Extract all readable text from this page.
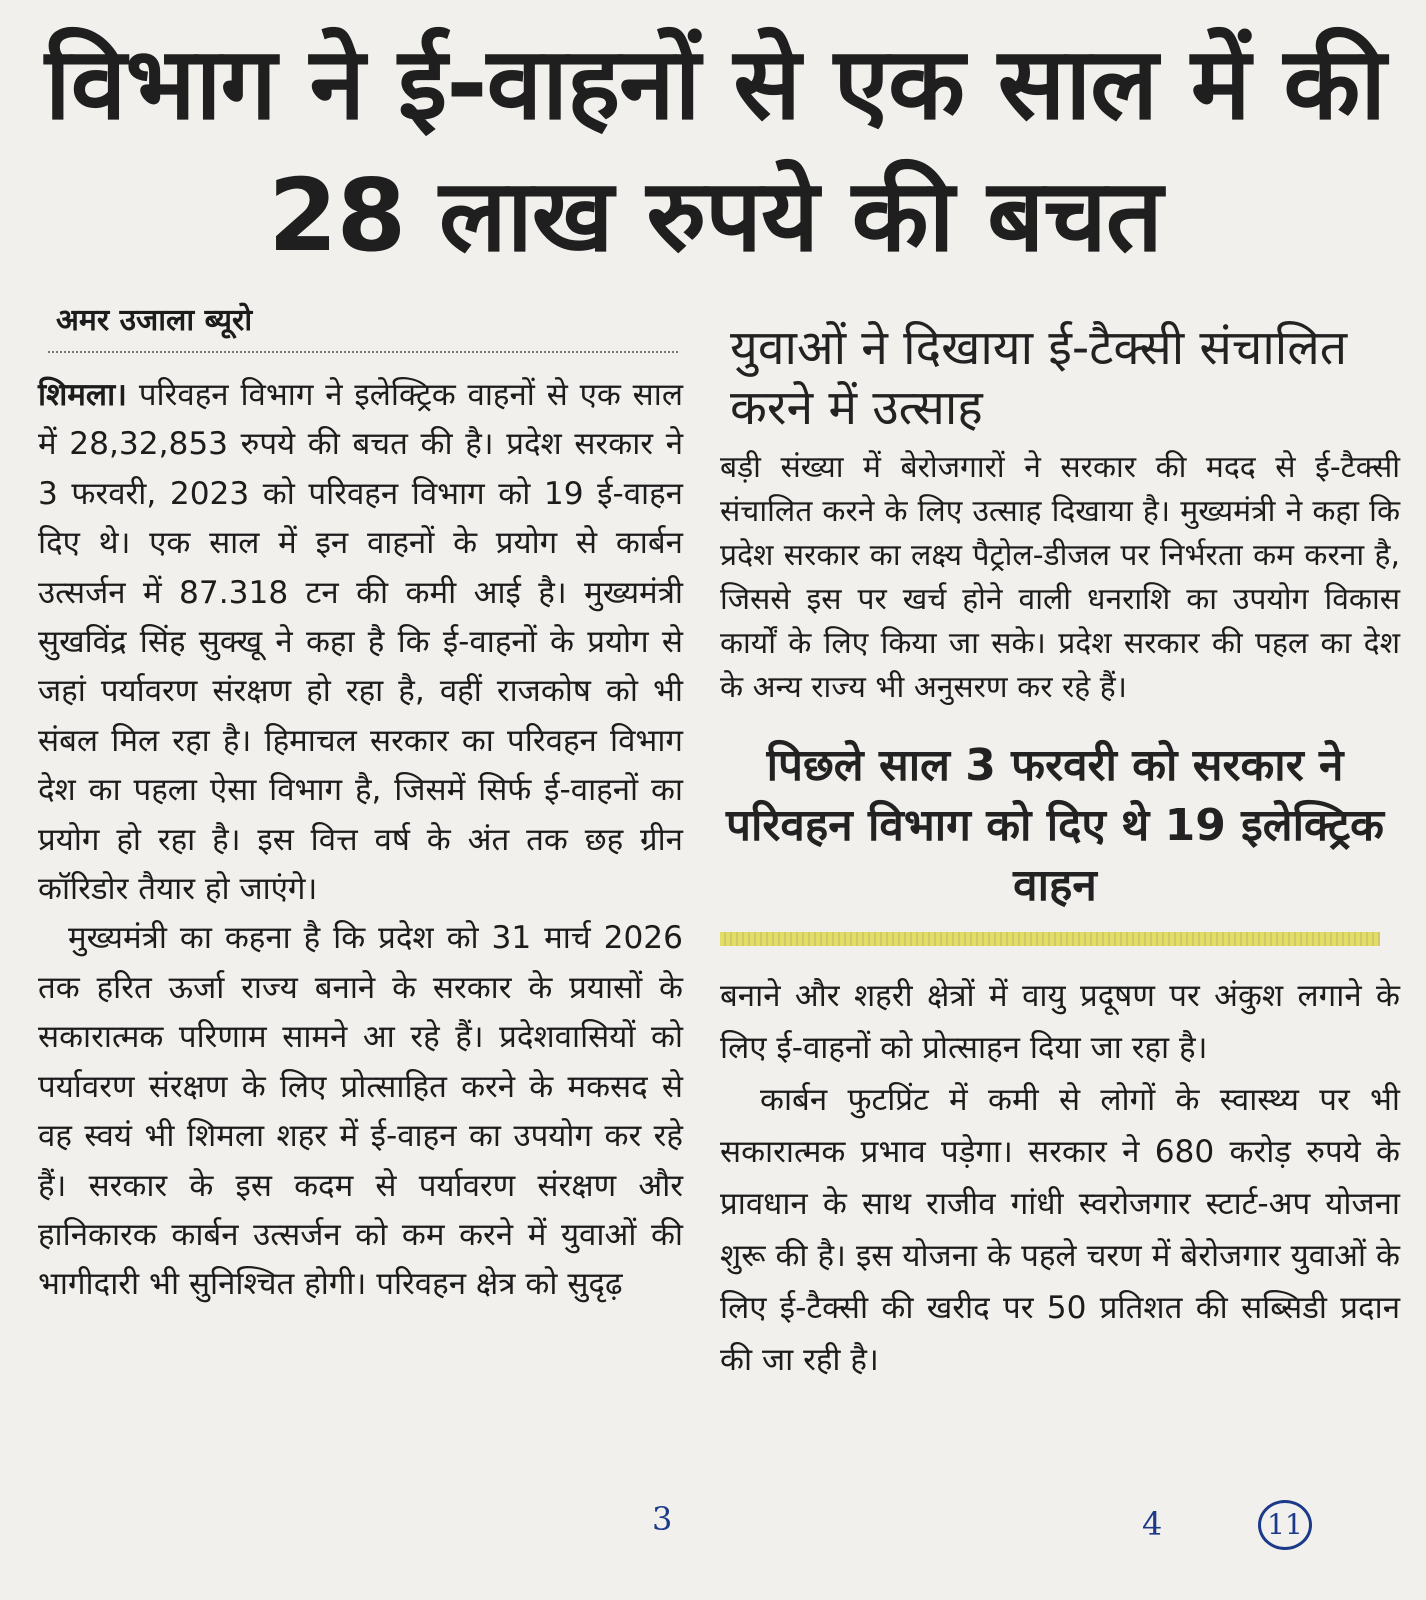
विभाग ने ई-वाहनों से एक साल में की 28 लाख रुपये की बचत
अमर उजाला ब्यूरो

शिमला। परिवहन विभाग ने इलेक्ट्रिक वाहनों से एक साल में 28,32,853 रुपये की बचत की है। प्रदेश सरकार ने 3 फरवरी, 2023 को परिवहन विभाग को 19 ई-वाहन दिए थे। एक साल में इन वाहनों के प्रयोग से कार्बन उत्सर्जन में 87.318 टन की कमी आई है। मुख्यमंत्री सुखविंद्र सिंह सुक्खू ने कहा है कि ई-वाहनों के प्रयोग से जहां पर्यावरण संरक्षण हो रहा है, वहीं राजकोष को भी संबल मिल रहा है। हिमाचल सरकार का परिवहन विभाग देश का पहला ऐसा विभाग है, जिसमें सिर्फ ई-वाहनों का प्रयोग हो रहा है। इस वित्त वर्ष के अंत तक छह ग्रीन कॉरिडोर तैयार हो जाएंगे।

मुख्यमंत्री का कहना है कि प्रदेश को 31 मार्च 2026 तक हरित ऊर्जा राज्य बनाने के सरकार के प्रयासों के सकारात्मक परिणाम सामने आ रहे हैं। प्रदेशवासियों को पर्यावरण संरक्षण के लिए प्रोत्साहित करने के मकसद से वह स्वयं भी शिमला शहर में ई-वाहन का उपयोग कर रहे हैं। सरकार के इस कदम से पर्यावरण संरक्षण और हानिकारक कार्बन उत्सर्जन को कम करने में युवाओं की भागीदारी भी सुनिश्चित होगी। परिवहन क्षेत्र को सुदृढ़

युवाओं ने दिखाया ई-टैक्सी संचालित करने में उत्साह

बड़ी संख्या में बेरोजगारों ने सरकार की मदद से ई-टैक्सी संचालित करने के लिए उत्साह दिखाया है। मुख्यमंत्री ने कहा कि प्रदेश सरकार का लक्ष्य पैट्रोल-डीजल पर निर्भरता कम करना है, जिससे इस पर खर्च होने वाली धनराशि का उपयोग विकास कार्यों के लिए किया जा सके। प्रदेश सरकार की पहल का देश के अन्य राज्य भी अनुसरण कर रहे हैं।

पिछले साल 3 फरवरी को सरकार ने परिवहन विभाग को दिए थे 19 इलेक्ट्रिक वाहन

बनाने और शहरी क्षेत्रों में वायु प्रदूषण पर अंकुश लगाने के लिए ई-वाहनों को प्रोत्साहन दिया जा रहा है।

कार्बन फुटप्रिंट में कमी से लोगों के स्वास्थ्य पर भी सकारात्मक प्रभाव पड़ेगा। सरकार ने 680 करोड़ रुपये के प्रावधान के साथ राजीव गांधी स्वरोजगार स्टार्ट-अप योजना शुरू की है। इस योजना के पहले चरण में बेरोजगार युवाओं के लिए ई-टैक्सी की खरीद पर 50 प्रतिशत की सब्सिडी प्रदान की जा रही है।

3	4	11
